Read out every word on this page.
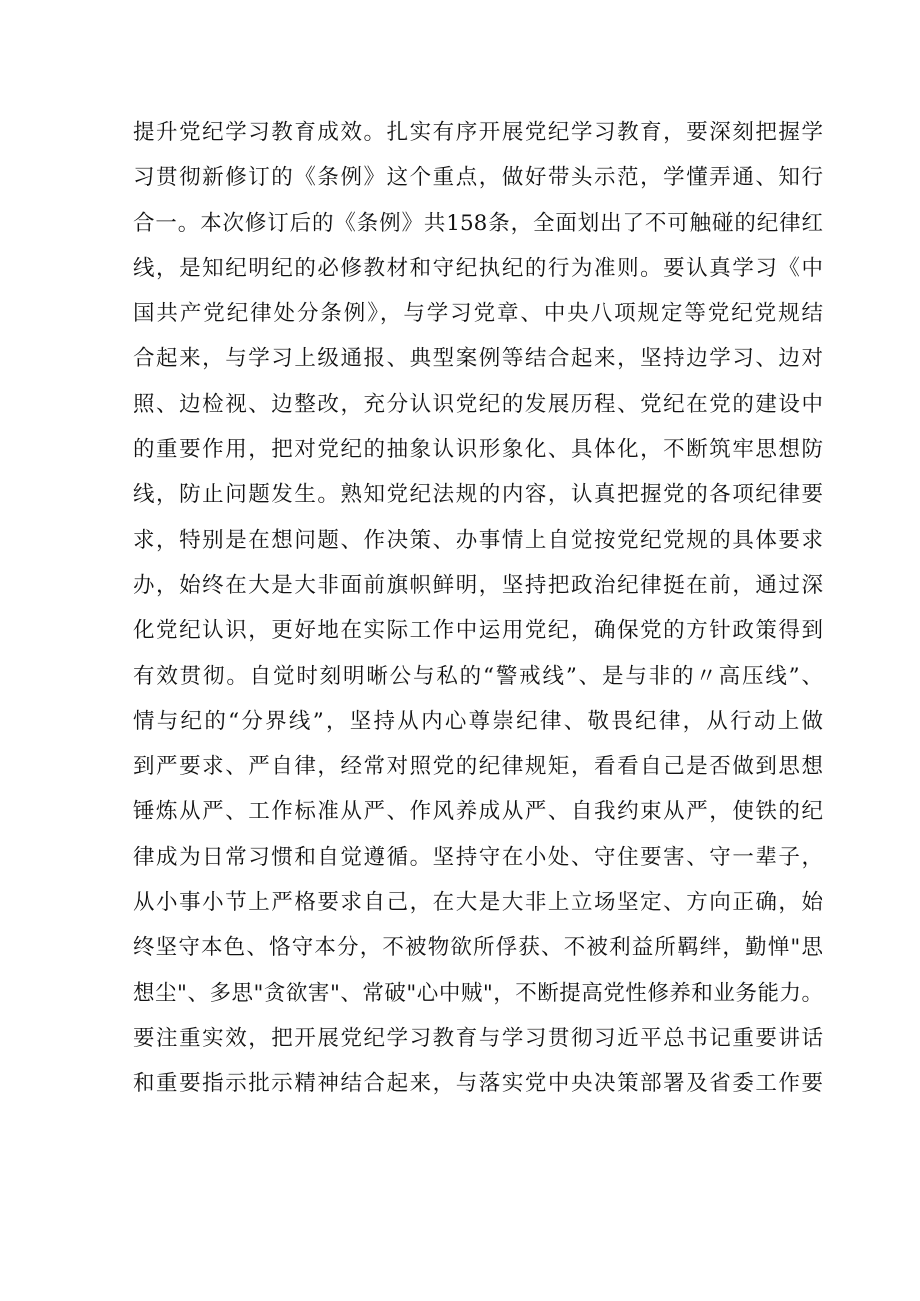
提升党纪学习教育成效。扎实有序开展党纪学习教育，要深刻把握学
习贯彻新修订的《条例》这个重点，做好带头示范，学懂弄通、知行
合一。本次修订后的《条例》共158条，全面划出了不可触碰的纪律红
线，是知纪明纪的必修教材和守纪执纪的行为准则。要认真学习《中
国共产党纪律处分条例》，与学习党章、中央八项规定等党纪党规结
合起来，与学习上级通报、典型案例等结合起来，坚持边学习、边对
照、边检视、边整改，充分认识党纪的发展历程、党纪在党的建设中
的重要作用，把对党纪的抽象认识形象化、具体化，不断筑牢思想防
线，防止问题发生。熟知党纪法规的内容，认真把握党的各项纪律要
求，特别是在想问题、作决策、办事情上自觉按党纪党规的具体要求
办，始终在大是大非面前旗帜鲜明，坚持把政治纪律挺在前，通过深
化党纪认识，更好地在实际工作中运用党纪，确保党的方针政策得到
有效贯彻。自觉时刻明晰公与私的“警戒线”、是与非的〃高压线”、
情与纪的“分界线”，坚持从内心尊崇纪律、敬畏纪律，从行动上做
到严要求、严自律，经常对照党的纪律规矩，看看自己是否做到思想
锤炼从严、工作标准从严、作风养成从严、自我约束从严，使铁的纪
律成为日常习惯和自觉遵循。坚持守在小处、守住要害、守一辈子，
从小事小节上严格要求自己，在大是大非上立场坚定、方向正确，始
终坚守本色、恪守本分，不被物欲所俘获、不被利益所羁绊，勤惮"思
想尘"、多思"贪欲害"、常破"心中贼"，不断提高党性修养和业务能力。
要注重实效，把开展党纪学习教育与学习贯彻习近平总书记重要讲话
和重要指示批示精神结合起来，与落实党中央决策部署及省委工作要
